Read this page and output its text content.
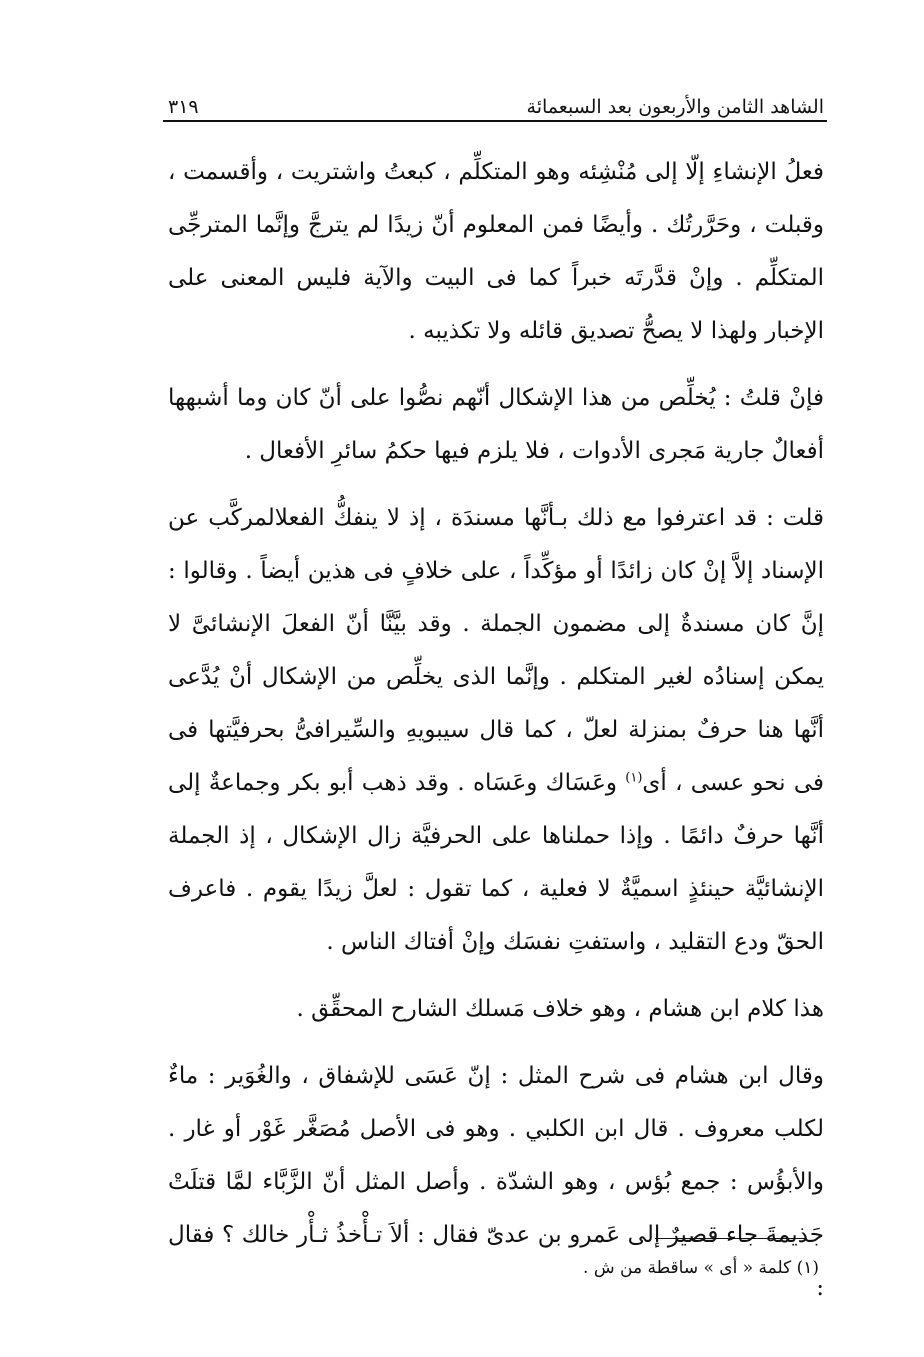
الشاهد الثامن والأربعون بعد السبعمائة
٣١٩

فعلُ الإنشاءِ إلّا إلى مُنْشِئه وهو المتكلِّم ، كبعتُ واشتريت ، وأقسمت ، وقبلت ، وحَرَّرتُك . وأيضًا فمن المعلوم أنّ زيدًا لم يترجَّ وإنَّما المترجِّى المتكلِّم . وإنْ قدَّرتَه خبراً كما فى البيت والآية فليس المعنى على الإخبار ولهذا لا يصحُّ تصديق قائله ولا تكذيبه .

فإنْ قلتُ : يُخلِّص من هذا الإشكال أنّهم نصُّوا على أنّ كان وما أشبهها أفعالٌ جارية مَجرى الأدوات ، فلا يلزم فيها حكمُ سائرِ الأفعال .

قلت : قد اعترفوا مع ذلك بـأنَّها مسندَة ، إذ لا ينفكُّ الفعلالمركَّب عن الإسناد إلاَّ إنْ كان زائدًا أو مؤكِّداً ، على خلافٍ فى هذين أيضاً . وقالوا : إنَّ كان مسندةٌ إلى مضمون الجملة . وقد بيَّنَّا أنّ الفعلَ الإنشائىَّ لا يمكن إسنادُه لغير المتكلم . وإنَّما الذى يخلِّص من الإشكال أنْ يُدَّعى أنَّها هنا حرفٌ بمنزلة لعلّ ، كما قال سيبويهِ والسِّيرافىُّ بحرفيَّتها فى فى نحو عسى ، أى$^{(١)}$ وعَسَاك وعَسَاه . وقد ذهب أبو بكر وجماعةٌ إلى أنَّها حرفٌ دائمًا . وإذا حملناها على الحرفيَّة زال الإشكال ، إذ الجملة الإنشائيَّة حينئذٍ اسميَّةٌ لا فعلية ، كما تقول : لعلَّ زيدًا يقوم . فاعرف الحقّ ودع التقليد ، واستفتِ نفسَك وإنْ أفتاك الناس .

هذا كلام ابن هشام ، وهو خلاف مَسلك الشارح المحقِّق .

وقال ابن هشام فى شرح المثل : إنّ عَسَى للإشفاق ، والغُوَير : ماءٌ لكلب معروف . قال ابن الكلبي . وهو فى الأصل مُصَغَّر غَوْر أو غار . والأبؤُس : جمع بُؤس ، وهو الشدّة . وأصل المثل أنّ الزَّبَّاء لمَّا قتلَتْ جَذيمةَ جاء قصيرٌ إلى عَمرو بن عدىّ فقال : ألاَ تـأْخذُ ثـأْر خالك ؟ فقال :

(١) كلمة « أى » ساقطة من ش .
